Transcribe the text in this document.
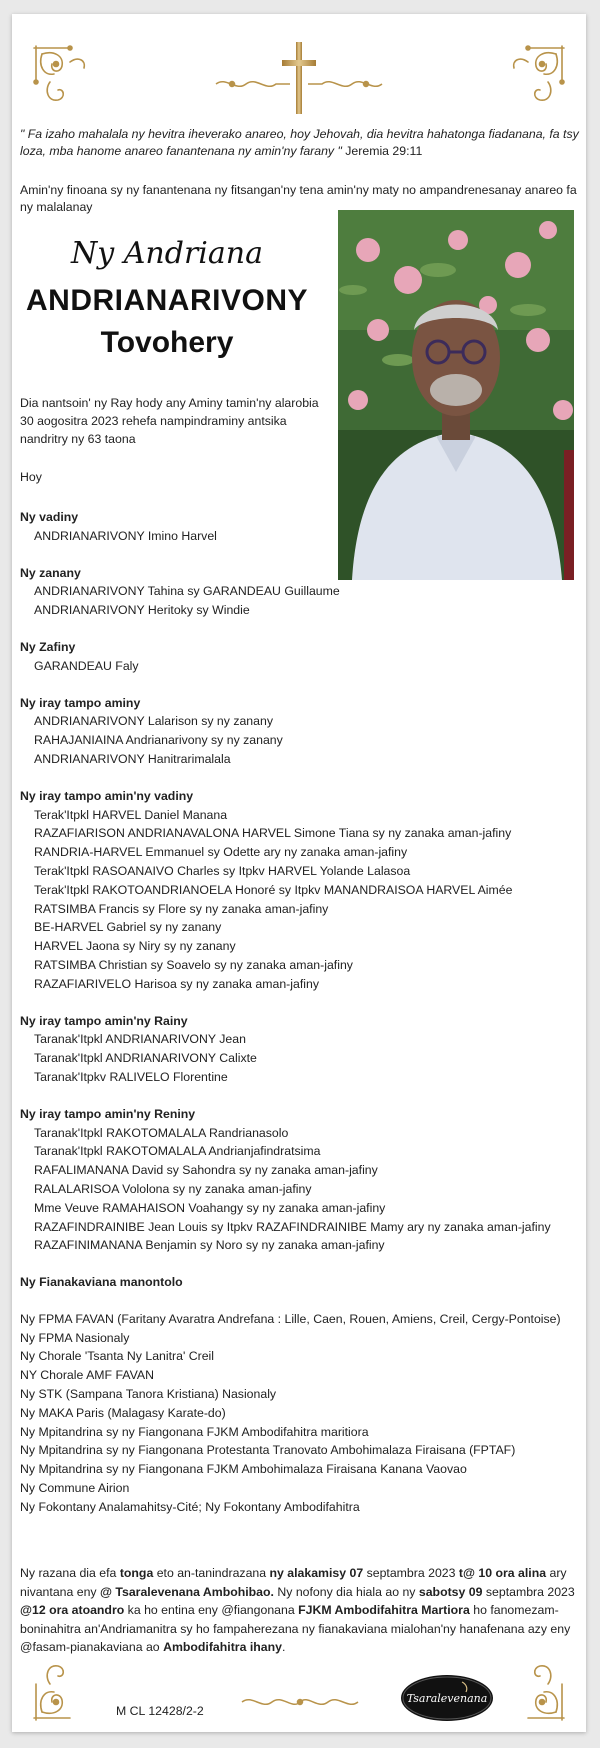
" Fa izaho mahalala ny hevitra iheverako anareo, hoy Jehovah, dia hevitra hahatonga fiadanana, fa tsy loza, mba hanome anareo fanantenana ny amin'ny farany " Jeremia 29:11
Amin'ny finoana sy ny fanantenana ny fitsangan'ny tena amin'ny maty no ampandrenesanay anareo fa ny malalanay
Ny Andriana
ANDRIANARIVONY
Tovohery
Dia nantsoin' ny Ray hody any Aminy tamin'ny alarobia 30 aogositra 2023 rehefa nampindraminy antsika nandritry ny 63 taona
Hoy
Ny vadiny
ANDRIANARIVONY Imino Harvel
Ny zanany
ANDRIANARIVONY Tahina sy GARANDEAU Guillaume
ANDRIANARIVONY Heritoky sy Windie
Ny Zafiny
GARANDEAU Faly
Ny iray tampo aminy
ANDRIANARIVONY Lalarison sy ny zanany
RAHAJANIAINA Andrianarivony sy ny zanany
ANDRIANARIVONY Hanitrarimalala
Ny iray tampo amin'ny vadiny
Terak'Itpkl HARVEL Daniel Manana
RAZAFIARISON ANDRIANAVALONA HARVEL Simone Tiana sy ny zanaka aman-jafiny
RANDRIA-HARVEL Emmanuel sy Odette ary ny zanaka aman-jafiny
Terak'Itpkl RASOANAIVO Charles sy Itpkv HARVEL Yolande Lalasoa
Terak'Itpkl RAKOTOANDRIANOELA Honoré sy Itpkv MANANDRAISOA HARVEL Aimée
RATSIMBA Francis sy Flore sy ny zanaka aman-jafiny
BE-HARVEL Gabriel sy ny zanany
HARVEL Jaona sy Niry sy ny zanany
RATSIMBA Christian sy Soavelo sy ny zanaka aman-jafiny
RAZAFIARIVELO Harisoa sy ny zanaka aman-jafiny
Ny iray tampo amin'ny Rainy
Taranak'Itpkl ANDRIANARIVONY Jean
Taranak'Itpkl ANDRIANARIVONY Calixte
Taranak'Itpkv RALIVELO Florentine
Ny iray tampo amin'ny Reniny
Taranak'Itpkl RAKOTOMALALA Randrianasolo
Taranak'Itpkl RAKOTOMALALA Andrianjafindratsima
RAFALIMANANA David sy Sahondra sy ny zanaka aman-jafiny
RALALARISOA Vololona sy ny zanaka aman-jafiny
Mme Veuve RAMAHAISON Voahangy sy ny zanaka aman-jafiny
RAZAFINDRAINIBE Jean Louis sy Itpkv RAZAFINDRAINIBE Mamy ary ny zanaka aman-jafiny
RAZAFINIMANANA Benjamin sy Noro sy ny zanaka aman-jafiny
Ny Fianakaviana manontolo
Ny FPMA FAVAN (Faritany Avaratra Andrefana : Lille, Caen, Rouen, Amiens, Creil, Cergy-Pontoise)
Ny FPMA Nasionaly
Ny Chorale 'Tsanta Ny Lanitra' Creil
NY Chorale AMF FAVAN
Ny STK (Sampana Tanora Kristiana) Nasionaly
Ny MAKA Paris (Malagasy Karate-do)
Ny Mpitandrina sy ny Fiangonana FJKM Ambodifahitra maritiora
Ny Mpitandrina sy ny Fiangonana Protestanta Tranovato Ambohimalaza Firaisana (FPTAF)
Ny Mpitandrina sy ny Fiangonana FJKM Ambohimalaza Firaisana Kanana Vaovao
Ny Commune Airion
Ny Fokontany Analamahitsy-Cité; Ny Fokontany Ambodifahitra
Ny razana dia efa tonga eto an-tanindrazana ny alakamisy 07 septambra 2023 t@ 10 ora alina ary nivantana eny @ Tsaralevenana Ambohibao. Ny nofony dia hiala ao ny sabotsy 09 septambra 2023 @12 ora atoandro ka ho entina eny @fiangonana FJKM Ambodifahitra Martiora ho fanomezam-boninahitra an'Andriamanitra sy ho fampaherezana ny fianakaviana mialohan'ny hanafenana azy eny @fasam-pianakaviana ao Ambodifahitra ihany.
M CL 12428/2-2
Tsaralevenana
